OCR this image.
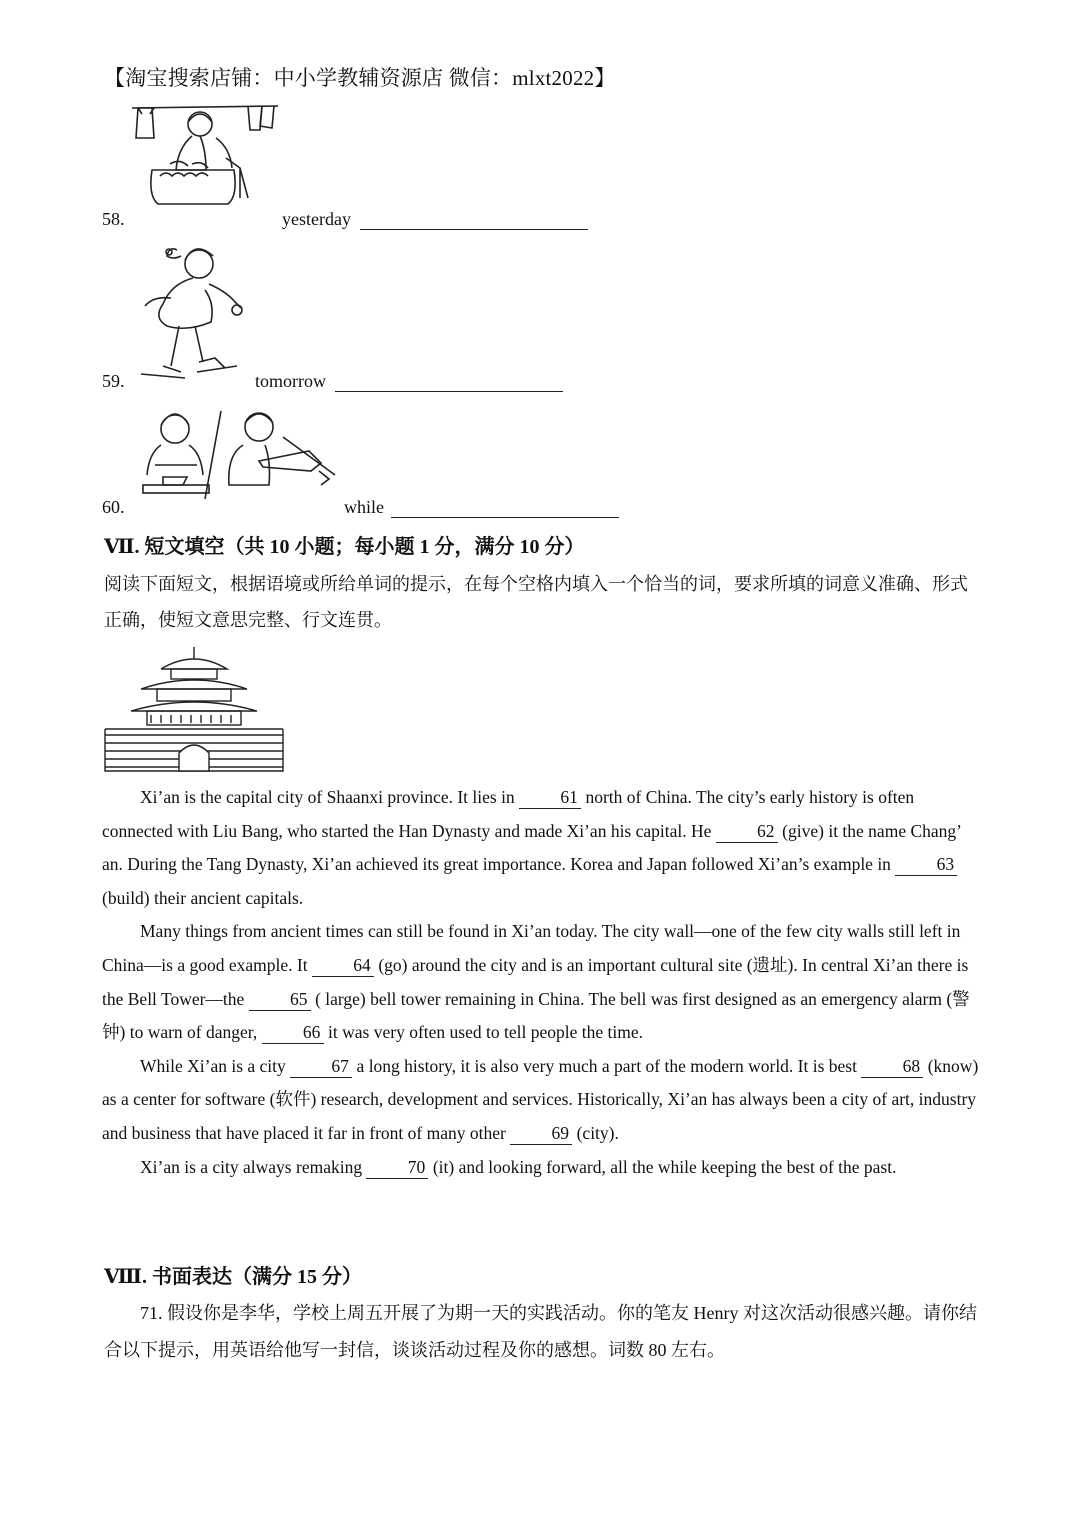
【淘宝搜索店铺：中小学教辅资源店 微信：mlxt2022】
58.	yesterday
59.	tomorrow
60.	while
Ⅶ. 短文填空（共 10 小题；每小题 1 分，满分 10 分）
阅读下面短文，根据语境或所给单词的提示，在每个空格内填入一个恰当的词，要求所填的词意义准确、形式正确，使短文意思完整、行文连贯。

Xi’an is the capital city of Shaanxi province. It lies in 61 north of China. The city’s early history is often connected with Liu Bang, who started the Han Dynasty and made Xi’an his capital. He 62 (give) it the name Chang’ an. During the Tang Dynasty, Xi’an achieved its great importance. Korea and Japan followed Xi’an’s example in 63 (build) their ancient capitals.

Many things from ancient times can still be found in Xi’an today. The city wall—one of the few city walls still left in China—is a good example. It 64 (go) around the city and is an important cultural site (遗址). In central Xi’an there is the Bell Tower—the 65 ( large) bell tower remaining in China. The bell was first designed as an emergency alarm (警钟) to warn of danger, 66 it was very often used to tell people the time.

While Xi’an is a city 67 a long history, it is also very much a part of the modern world. It is best 68 (know) as a center for software (软件) research, development and services. Historically, Xi’an has always been a city of art, industry and business that have placed it far in front of many other 69 (city).

Xi’an is a city always remaking 70 (it) and looking forward, all the while keeping the best of the past.

Ⅷ. 书面表达（满分 15 分）

71. 假设你是李华，学校上周五开展了为期一天的实践活动。你的笔友 Henry 对这次活动很感兴趣。请你结合以下提示，用英语给他写一封信，谈谈活动过程及你的感想。词数 80 左右。
